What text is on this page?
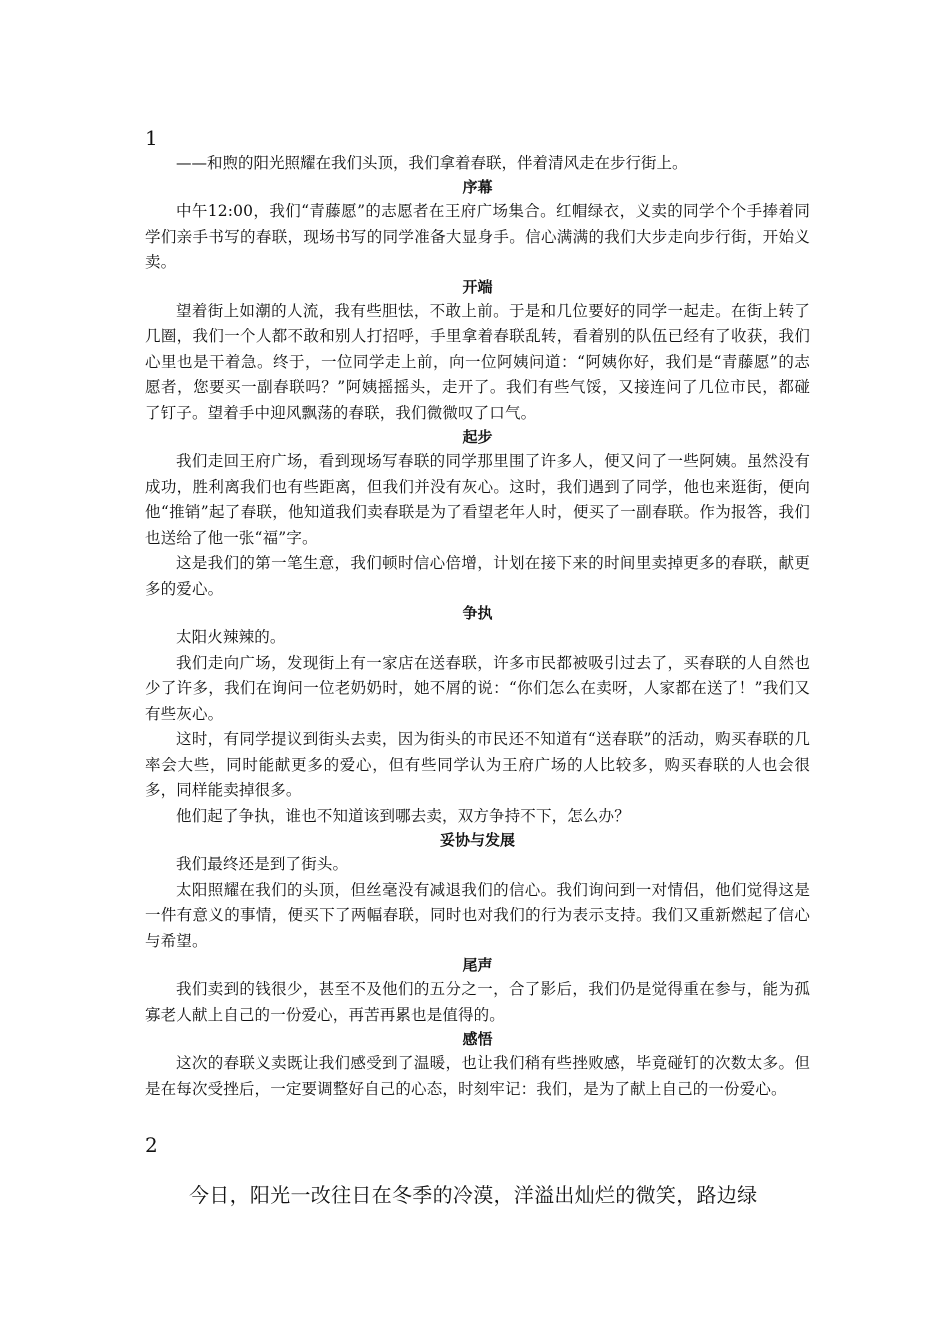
1

——和煦的阳光照耀在我们头顶，我们拿着春联，伴着清风走在步行街上。

序幕

中午12:00，我们“青藤愿”的志愿者在王府广场集合。红帽绿衣，义卖的同学个个手捧着同学们亲手书写的春联，现场书写的同学准备大显身手。信心满满的我们大步走向步行街，开始义卖。

开端

望着街上如潮的人流，我有些胆怯，不敢上前。于是和几位要好的同学一起走。在街上转了几圈，我们一个人都不敢和别人打招呼，手里拿着春联乱转，看着别的队伍已经有了收获，我们心里也是干着急。终于，一位同学走上前，向一位阿姨问道：“阿姨你好，我们是“青藤愿”的志愿者，您要买一副春联吗？”阿姨摇摇头，走开了。我们有些气馁，又接连问了几位市民，都碰了钉子。望着手中迎风飘荡的春联，我们微微叹了口气。

起步

我们走回王府广场，看到现场写春联的同学那里围了许多人，便又问了一些阿姨。虽然没有成功，胜利离我们也有些距离，但我们并没有灰心。这时，我们遇到了同学，他也来逛街，便向他“推销”起了春联，他知道我们卖春联是为了看望老年人时，便买了一副春联。作为报答，我们也送给了他一张“福”字。

这是我们的第一笔生意，我们顿时信心倍增，计划在接下来的时间里卖掉更多的春联，献更多的爱心。

争执

太阳火辣辣的。

我们走向广场，发现街上有一家店在送春联，许多市民都被吸引过去了，买春联的人自然也少了许多，我们在询问一位老奶奶时，她不屑的说：“你们怎么在卖呀，人家都在送了！”我们又有些灰心。

这时，有同学提议到街头去卖，因为街头的市民还不知道有“送春联”的活动，购买春联的几率会大些，同时能献更多的爱心，但有些同学认为王府广场的人比较多，购买春联的人也会很多，同样能卖掉很多。

他们起了争执，谁也不知道该到哪去卖，双方争持不下，怎么办？

妥协与发展

我们最终还是到了街头。

太阳照耀在我们的头顶，但丝毫没有减退我们的信心。我们询问到一对情侣，他们觉得这是一件有意义的事情，便买下了两幅春联，同时也对我们的行为表示支持。我们又重新燃起了信心与希望。

尾声

我们卖到的钱很少，甚至不及他们的五分之一，合了影后，我们仍是觉得重在参与，能为孤寡老人献上自己的一份爱心，再苦再累也是值得的。

感悟

这次的春联义卖既让我们感受到了温暖，也让我们稍有些挫败感，毕竟碰钉的次数太多。但是在每次受挫后，一定要调整好自己的心态，时刻牢记：我们，是为了献上自己的一份爱心。

2

今日，阳光一改往日在冬季的冷漠，洋溢出灿烂的微笑，路边绿
